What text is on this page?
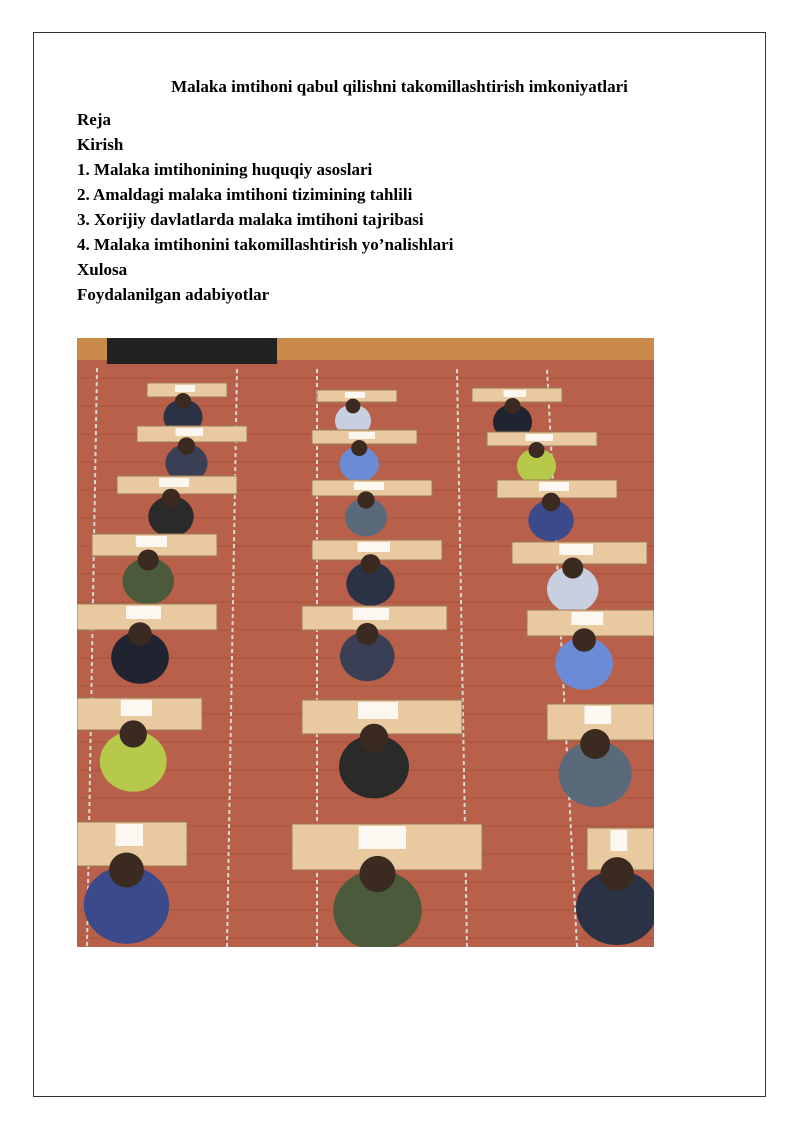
Malaka imtihoni qabul qilishni takomillashtirish imkoniyatlari
Reja
Kirish
1. Malaka imtihonining huquqiy asoslari
2. Amaldagi malaka imtihoni tizimining tahlili
3. Xorijiy davlatlarda malaka imtihoni tajribasi
4. Malaka imtihonini takomillashtirish yo’nalishlari
Xulosa
Foydalanilgan adabiyotlar
